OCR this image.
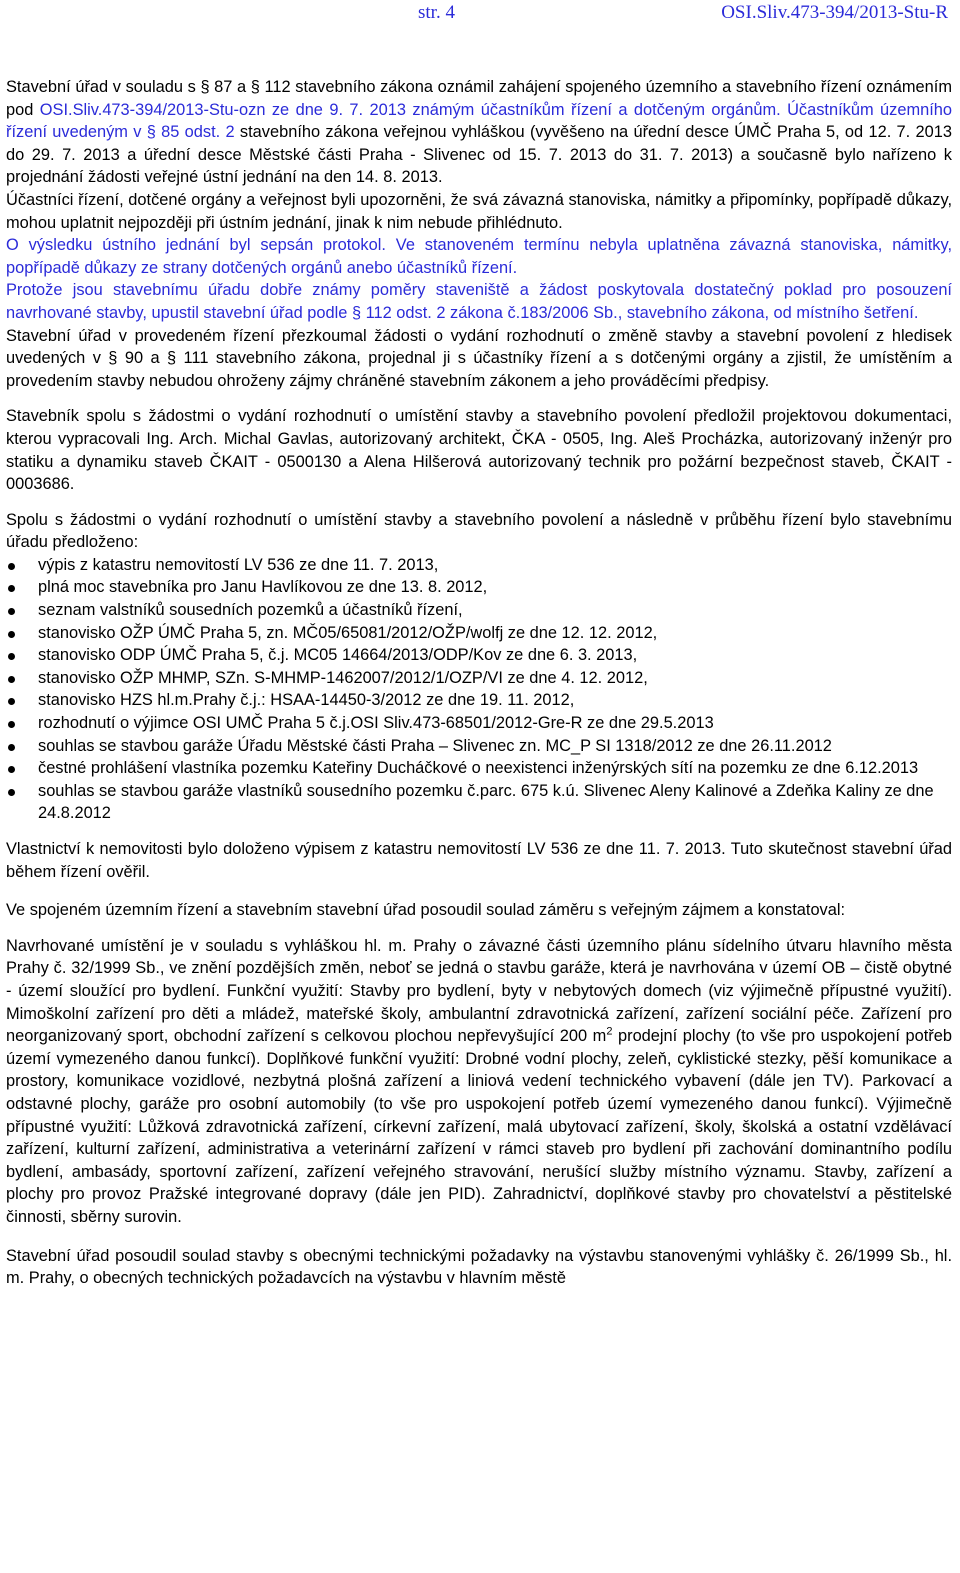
str. 4	OSI.Sliv.473-394/2013-Stu-R

Stavební úřad v souladu s § 87 a § 112 stavebního zákona oznámil zahájení spojeného územního a stavebního řízení oznámením pod OSI.Sliv.473-394/2013-Stu-ozn ze dne 9. 7. 2013 známým účastníkům řízení a dotčeným orgánům. Účastníkům územního řízení uvedeným v § 85 odst. 2 stavebního zákona veřejnou vyhláškou (vyvěšeno na úřední desce ÚMČ Praha 5, od 12. 7. 2013 do 29. 7. 2013 a úřední desce Městské části Praha - Slivenec od 15. 7. 2013 do 31. 7. 2013) a současně bylo nařízeno k projednání žádosti veřejné ústní jednání na den 14. 8. 2013.

Účastníci řízení, dotčené orgány a veřejnost byli upozorněni, že svá závazná stanoviska, námitky a připomínky, popřípadě důkazy, mohou uplatnit nejpozději při ústním jednání, jinak k nim nebude přihlédnuto.

O výsledku ústního jednání byl sepsán protokol. Ve stanoveném termínu nebyla uplatněna závazná stanoviska, námitky, popřípadě důkazy ze strany dotčených orgánů anebo účastníků řízení.

Protože jsou stavebnímu úřadu dobře známy poměry staveniště a žádost poskytovala dostatečný poklad pro posouzení navrhované stavby, upustil stavební úřad podle § 112 odst. 2 zákona č.183/2006 Sb., stavebního zákona, od místního šetření.

Stavební úřad v provedeném řízení přezkoumal žádosti o vydání rozhodnutí o změně stavby a stavební povolení z hledisek uvedených v § 90 a § 111 stavebního zákona, projednal ji s účastníky řízení a s dotčenými orgány a zjistil, že umístěním a provedením stavby nebudou ohroženy zájmy chráněné stavebním zákonem a jeho prováděcími předpisy.

Stavebník spolu s žádostmi o vydání rozhodnutí o umístění stavby a stavebního povolení předložil projektovou dokumentaci, kterou vypracovali Ing. Arch. Michal Gavlas, autorizovaný architekt, ČKA - 0505, Ing. Aleš Procházka, autorizovaný inženýr pro statiku a dynamiku staveb ČKAIT - 0500130 a Alena Hilšerová autorizovaný technik pro požární bezpečnost staveb, ČKAIT - 0003686.

Spolu s žádostmi o vydání rozhodnutí o umístění stavby a stavebního povolení a následně v průběhu řízení bylo stavebnímu úřadu předloženo:

výpis z katastru nemovitostí LV 536 ze dne 11. 7. 2013,
plná moc stavebníka pro Janu Havlíkovou ze dne 13. 8. 2012,
seznam valstníků sousedních pozemků a účastníků řízení,
stanovisko OŽP ÚMČ Praha 5, zn. MČ05/65081/2012/OŽP/wolfj ze dne 12. 12. 2012,
stanovisko ODP ÚMČ Praha 5, č.j. MC05 14664/2013/ODP/Kov ze dne 6. 3. 2013,
stanovisko OŽP MHMP, SZn. S-MHMP-1462007/2012/1/OZP/VI ze dne 4. 12. 2012,
stanovisko HZS hl.m.Prahy č.j.: HSAA-14450-3/2012 ze dne 19. 11. 2012,
rozhodnutí o výjimce OSI UMČ Praha 5 č.j.OSI Sliv.473-68501/2012-Gre-R ze dne 29.5.2013
souhlas se stavbou garáže Úřadu Městské části Praha – Slivenec zn. MC_P SI 1318/2012 ze dne 26.11.2012
čestné prohlášení vlastníka pozemku Kateřiny Ducháčkové o neexistenci inženýrských sítí na pozemku ze dne 6.12.2013
souhlas se stavbou garáže vlastníků sousedního pozemku č.parc. 675 k.ú. Slivenec Aleny Kalinové a Zdeňka Kaliny ze dne 24.8.2012

Vlastnictví k nemovitosti bylo doloženo výpisem z katastru nemovitostí LV 536 ze dne 11. 7. 2013. Tuto skutečnost stavební úřad během řízení ověřil.

Ve spojeném územním řízení a stavebním stavební úřad posoudil soulad záměru s veřejným zájmem a konstatoval:

Navrhované umístění je v souladu s vyhláškou hl. m. Prahy o závazné části územního plánu sídelního útvaru hlavního města Prahy č. 32/1999 Sb., ve znění pozdějších změn, neboť se jedná o stavbu garáže, která je navrhována v území OB – čistě obytné - území sloužící pro bydlení. Funkční využití: Stavby pro bydlení, byty v nebytových domech (viz výjimečně přípustné využití). Mimoškolní zařízení pro děti a mládež, mateřské školy, ambulantní zdravotnická zařízení, zařízení sociální péče. Zařízení pro neorganizovaný sport, obchodní zařízení s celkovou plochou nepřevyšující 200 $m^2$ prodejní plochy (to vše pro uspokojení potřeb území vymezeného danou funkcí). Doplňkové funkční využití: Drobné vodní plochy, zeleň, cyklistické stezky, pěší komunikace a prostory, komunikace vozidlové, nezbytná plošná zařízení a liniová vedení technického vybavení (dále jen TV). Parkovací a odstavné plochy, garáže pro osobní automobily (to vše pro uspokojení potřeb území vymezeného danou funkcí). Výjimečně přípustné využití: Lůžková zdravotnická zařízení, církevní zařízení, malá ubytovací zařízení, školy, školská a ostatní vzdělávací zařízení, kulturní zařízení, administrativa a veterinární zařízení v rámci staveb pro bydlení při zachování dominantního podílu bydlení, ambasády, sportovní zařízení, zařízení veřejného stravování, nerušící služby místního významu. Stavby, zařízení a plochy pro provoz Pražské integrované dopravy (dále jen PID). Zahradnictví, doplňkové stavby pro chovatelství a pěstitelské činnosti, sběrny surovin.

Stavební úřad posoudil soulad stavby s obecnými technickými požadavky na výstavbu stanovenými vyhlášky č. 26/1999 Sb., hl. m. Prahy, o obecných technických požadavcích na výstavbu v hlavním městě
